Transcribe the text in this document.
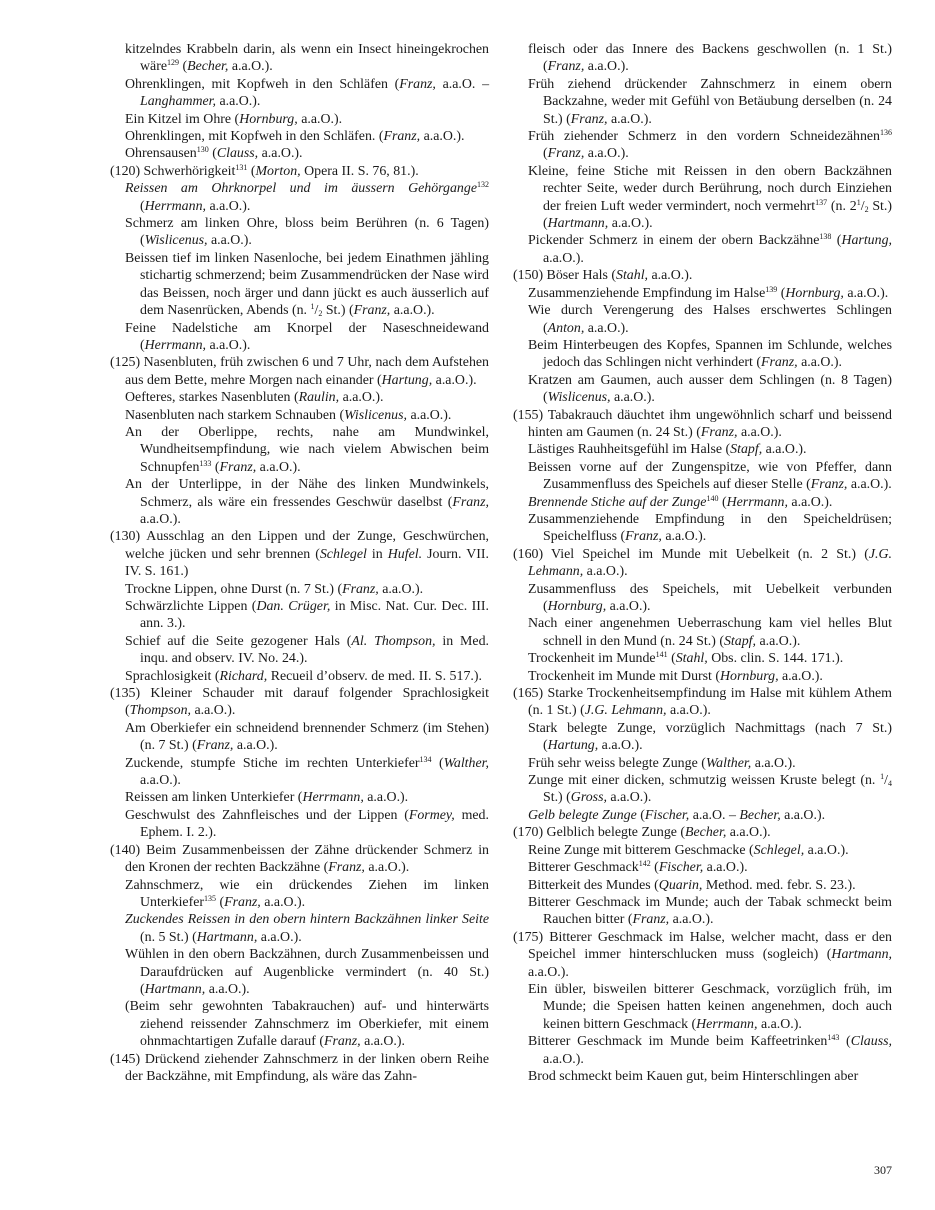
kitzelndes Krabbeln darin, als wenn ein Insect hineingekrochen wäre$^{129}$ (Becher, a.a.O.).
Ohrenklingen, mit Kopfweh in den Schläfen (Franz, a.a.O. – Langhammer, a.a.O.).
Ein Kitzel im Ohre (Hornburg, a.a.O.).
Ohrenklingen, mit Kopfweh in den Schläfen. (Franz, a.a.O.).
Ohrensausen$^{130}$ (Clauss, a.a.O.).
(120) Schwerhörigkeit$^{131}$ (Morton, Opera II. S. 76, 81.).
Reissen am Ohrknorpel und im äussern Gehörgange$^{132}$ (Herrmann, a.a.O.).
Schmerz am linken Ohre, bloss beim Berühren (n. 6 Tagen) (Wislicenus, a.a.O.).
Beissen tief im linken Nasenloche, bei jedem Einathmen jähling stichartig schmerzend; beim Zusammendrücken der Nase wird das Beissen, noch ärger und dann jückt es auch äusserlich auf dem Nasenrücken, Abends (n. $^1/_2$ St.) (Franz, a.a.O.).
Feine Nadelstiche am Knorpel der Naseschneidewand (Herrmann, a.a.O.).
(125) Nasenbluten, früh zwischen 6 und 7 Uhr, nach dem Aufstehen aus dem Bette, mehre Morgen nach einander (Hartung, a.a.O.).
Oefteres, starkes Nasenbluten (Raulin, a.a.O.).
Nasenbluten nach starkem Schnauben (Wislicenus, a.a.O.).
An der Oberlippe, rechts, nahe am Mundwinkel, Wundheitsempfindung, wie nach vielem Abwischen beim Schnupfen$^{133}$ (Franz, a.a.O.).
An der Unterlippe, in der Nähe des linken Mundwinkels, Schmerz, als wäre ein fressendes Geschwür daselbst (Franz, a.a.O.).
(130) Ausschlag an den Lippen und der Zunge, Geschwürchen, welche jücken und sehr brennen (Schlegel in Hufel. Journ. VII. IV. S. 161.)
Trockne Lippen, ohne Durst (n. 7 St.) (Franz, a.a.O.).
Schwärzlichte Lippen (Dan. Crüger, in Misc. Nat. Cur. Dec. III. ann. 3.).
Schief auf die Seite gezogener Hals (Al. Thompson, in Med. inqu. and observ. IV. No. 24.).
Sprachlosigkeit (Richard, Recueil d’observ. de med. II. S. 517.).
(135) Kleiner Schauder mit darauf folgender Sprachlosigkeit (Thompson, a.a.O.).
Am Oberkiefer ein schneidend brennender Schmerz (im Stehen) (n. 7 St.) (Franz, a.a.O.).
Zuckende, stumpfe Stiche im rechten Unterkiefer$^{134}$ (Walther, a.a.O.).
Reissen am linken Unterkiefer (Herrmann, a.a.O.).
Geschwulst des Zahnfleisches und der Lippen (Formey, med. Ephem. I. 2.).
(140) Beim Zusammenbeissen der Zähne drückender Schmerz in den Kronen der rechten Backzähne (Franz, a.a.O.).
Zahnschmerz, wie ein drückendes Ziehen im linken Unterkiefer$^{135}$ (Franz, a.a.O.).
Zuckendes Reissen in den obern hintern Backzähnen linker Seite (n. 5 St.) (Hartmann, a.a.O.).
Wühlen in den obern Backzähnen, durch Zusammenbeissen und Daraufdrücken auf Augenblicke vermindert (n. 40 St.) (Hartmann, a.a.O.).
(Beim sehr gewohnten Tabakrauchen) auf- und hinterwärts ziehend reissender Zahnschmerz im Oberkiefer, mit einem ohnmachtartigen Zufalle darauf (Franz, a.a.O.).
(145) Drückend ziehender Zahnschmerz in der linken obern Reihe der Backzähne, mit Empfindung, als wäre das Zahn-
fleisch oder das Innere des Backens geschwollen (n. 1 St.) (Franz, a.a.O.).
Früh ziehend drückender Zahnschmerz in einem obern Backzahne, weder mit Gefühl von Betäubung derselben (n. 24 St.) (Franz, a.a.O.).
Früh ziehender Schmerz in den vordern Schneidezähnen$^{136}$ (Franz, a.a.O.).
Kleine, feine Stiche mit Reissen in den obern Backzähnen rechter Seite, weder durch Berührung, noch durch Einziehen der freien Luft weder vermindert, noch vermehrt$^{137}$ (n. $2^1/_2$ St.) (Hartmann, a.a.O.).
Pickender Schmerz in einem der obern Backzähne$^{138}$ (Hartung, a.a.O.).
(150) Böser Hals (Stahl, a.a.O.).
Zusammenziehende Empfindung im Halse$^{139}$ (Hornburg, a.a.O.).
Wie durch Verengerung des Halses erschwertes Schlingen (Anton, a.a.O.).
Beim Hinterbeugen des Kopfes, Spannen im Schlunde, welches jedoch das Schlingen nicht verhindert (Franz, a.a.O.).
Kratzen am Gaumen, auch ausser dem Schlingen (n. 8 Tagen) (Wislicenus, a.a.O.).
(155) Tabakrauch däuchtet ihm ungewöhnlich scharf und beissend hinten am Gaumen (n. 24 St.) (Franz, a.a.O.).
Lästiges Rauhheitsgefühl im Halse (Stapf, a.a.O.).
Beissen vorne auf der Zungenspitze, wie von Pfeffer, dann Zusammenfluss des Speichels auf dieser Stelle (Franz, a.a.O.).
Brennende Stiche auf der Zunge$^{140}$ (Herrmann, a.a.O.).
Zusammenziehende Empfindung in den Speicheldrüsen; Speichelfluss (Franz, a.a.O.).
(160) Viel Speichel im Munde mit Uebelkeit (n. 2 St.) (J.G. Lehmann, a.a.O.).
Zusammenfluss des Speichels, mit Uebelkeit verbunden (Hornburg, a.a.O.).
Nach einer angenehmen Ueberraschung kam viel helles Blut schnell in den Mund (n. 24 St.) (Stapf, a.a.O.).
Trockenheit im Munde$^{141}$ (Stahl, Obs. clin. S. 144. 171.).
Trockenheit im Munde mit Durst (Hornburg, a.a.O.).
(165) Starke Trockenheitsempfindung im Halse mit kühlem Athem (n. 1 St.) (J.G. Lehmann, a.a.O.).
Stark belegte Zunge, vorzüglich Nachmittags (nach 7 St.) (Hartung, a.a.O.).
Früh sehr weiss belegte Zunge (Walther, a.a.O.).
Zunge mit einer dicken, schmutzig weissen Kruste belegt (n. $^1/_4$ St.) (Gross, a.a.O.).
Gelb belegte Zunge (Fischer, a.a.O. – Becher, a.a.O.).
(170) Gelblich belegte Zunge (Becher, a.a.O.).
Reine Zunge mit bitterem Geschmacke (Schlegel, a.a.O.).
Bitterer Geschmack$^{142}$ (Fischer, a.a.O.).
Bitterkeit des Mundes (Quarin, Method. med. febr. S. 23.).
Bitterer Geschmack im Munde; auch der Tabak schmeckt beim Rauchen bitter (Franz, a.a.O.).
(175) Bitterer Geschmack im Halse, welcher macht, dass er den Speichel immer hinterschlucken muss (sogleich) (Hartmann, a.a.O.).
Ein übler, bisweilen bitterer Geschmack, vorzüglich früh, im Munde; die Speisen hatten keinen angenehmen, doch auch keinen bittern Geschmack (Herrmann, a.a.O.).
Bitterer Geschmack im Munde beim Kaffeetrinken$^{143}$ (Clauss, a.a.O.).
Brod schmeckt beim Kauen gut, beim Hinterschlingen aber
307
